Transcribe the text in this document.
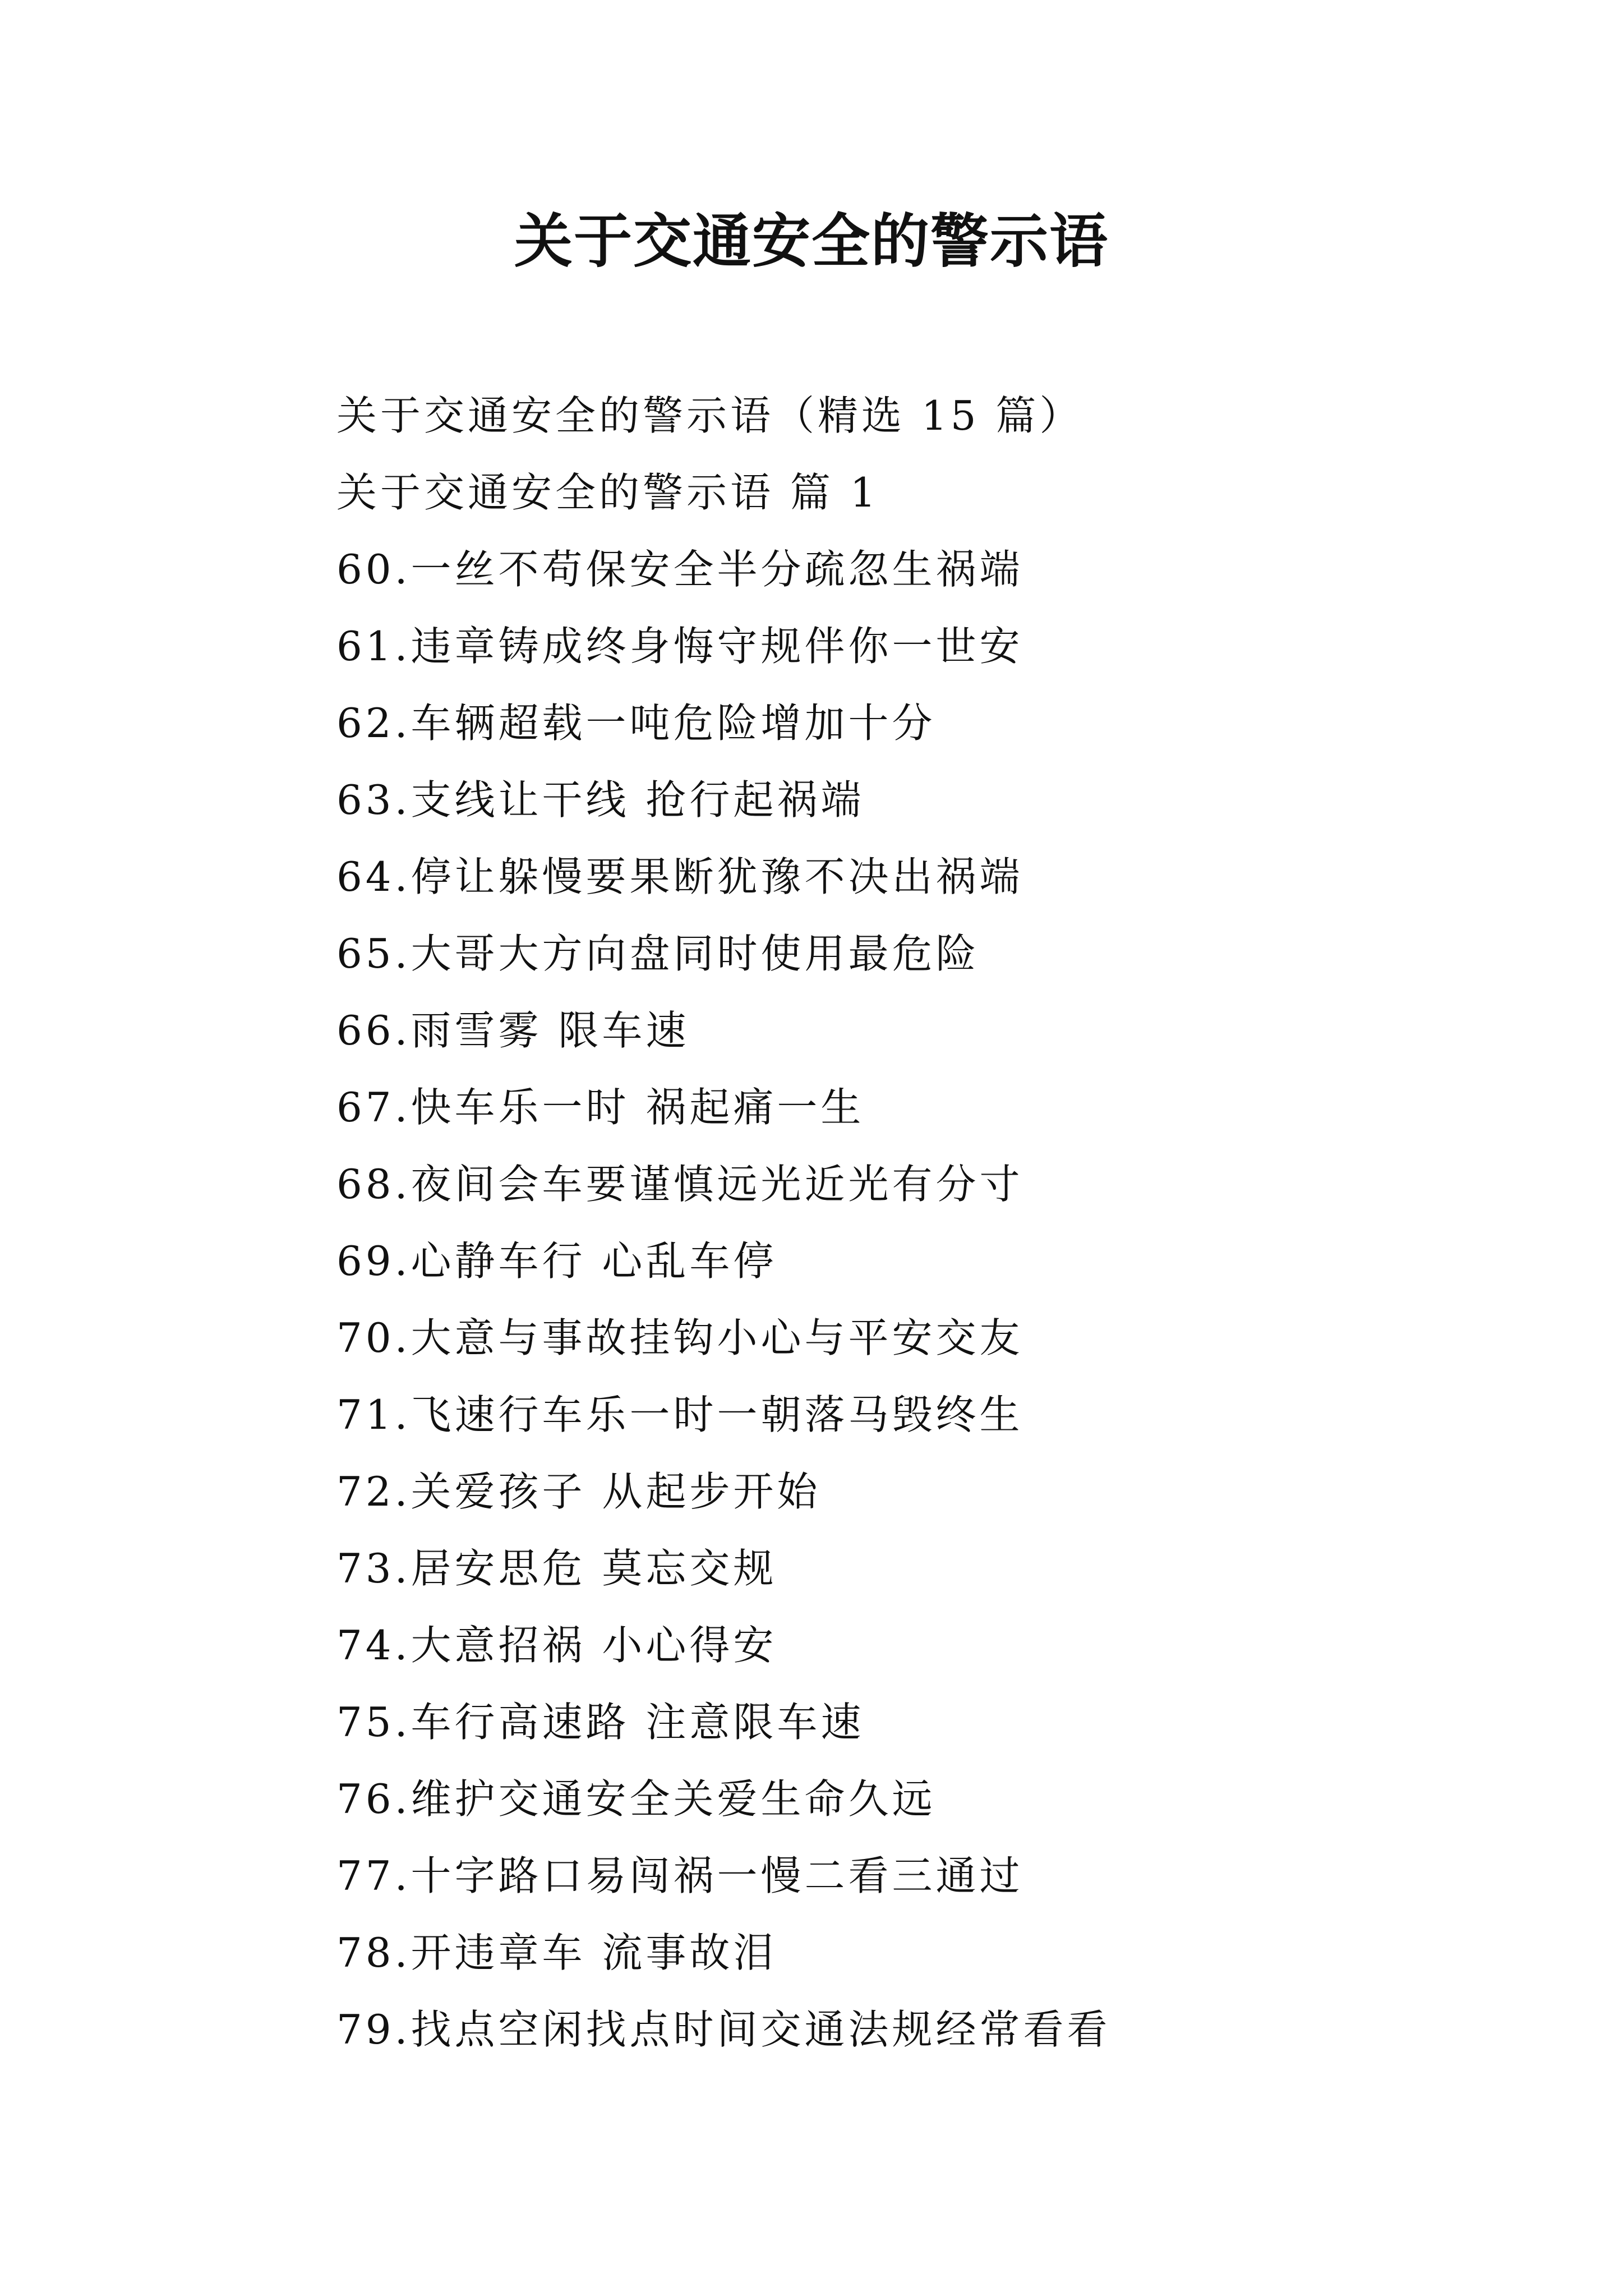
关于交通安全的警示语
关于交通安全的警示语（精选 15 篇）
关于交通安全的警示语 篇 1
60.一丝不苟保安全半分疏忽生祸端
61.违章铸成终身悔守规伴你一世安
62.车辆超载一吨危险增加十分
63.支线让干线 抢行起祸端
64.停让躲慢要果断犹豫不决出祸端
65.大哥大方向盘同时使用最危险
66.雨雪雾 限车速
67.快车乐一时 祸起痛一生
68.夜间会车要谨慎远光近光有分寸
69.心静车行 心乱车停
70.大意与事故挂钩小心与平安交友
71.飞速行车乐一时一朝落马毁终生
72.关爱孩子 从起步开始
73.居安思危 莫忘交规
74.大意招祸 小心得安
75.车行高速路 注意限车速
76.维护交通安全关爱生命久远
77.十字路口易闯祸一慢二看三通过
78.开违章车 流事故泪
79.找点空闲找点时间交通法规经常看看
